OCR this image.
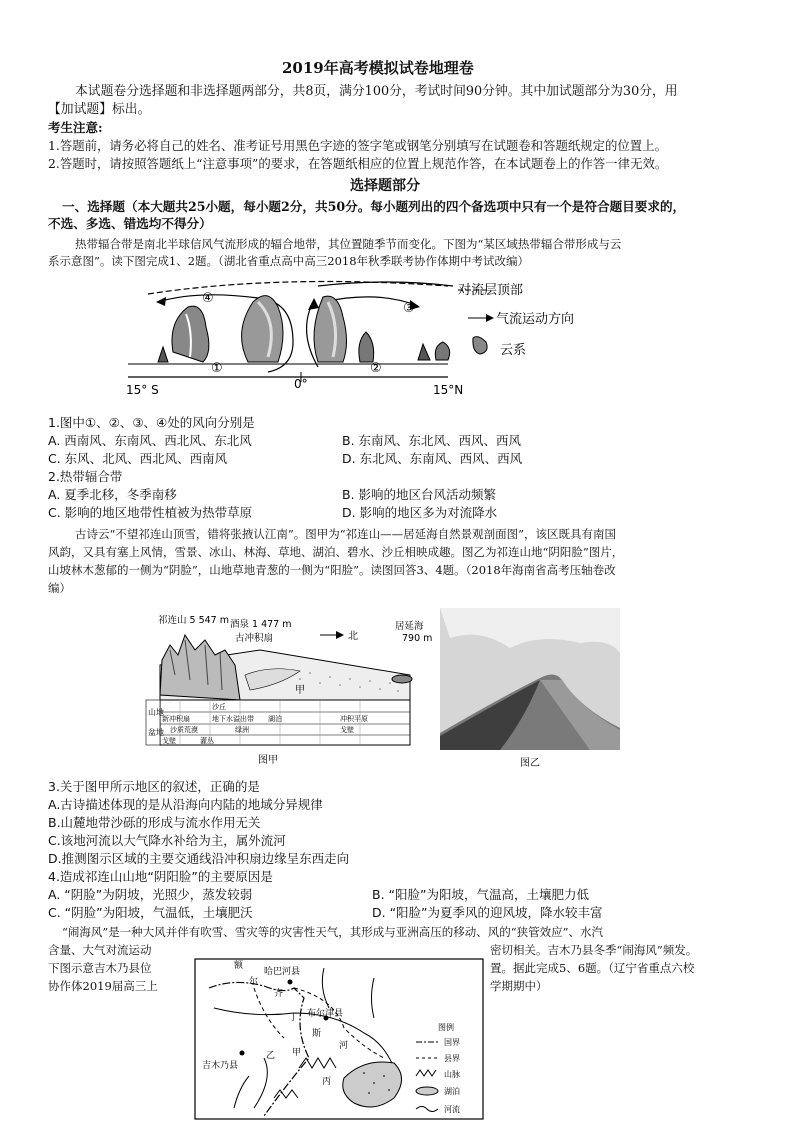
2019年高考模拟试卷地理卷
本试题卷分选择题和非选择题两部分，共8页，满分100分，考试时间90分钟。其中加试题部分为30分，用
【加试题】标出。
考生注意:
1.答题前，请务必将自己的姓名、准考证号用黑色字迹的签字笔或钢笔分别填写在试题卷和答题纸规定的位置上。
2.答题时，请按照答题纸上“注意事项”的要求，在答题纸相应的位置上规范作答，在本试题卷上的作答一律无效。
选择题部分
一、选择题（本大题共25小题，每小题2分，共50分。每小题列出的四个备选项中只有一个是符合题目要求的，
不选、多选、错选均不得分）
热带辐合带是南北半球信风气流形成的辐合地带，其位置随季节而变化。下图为“某区域热带辐合带形成与云
系示意图”。读下图完成1、2题。（湖北省重点高中高三2018年秋季联考协作体期中考试改编）
④
③
①	②
15° S	0°	15°N
对流层顶部
气流运动方向
云系
1.图中①、②、③、④处的风向分别是
A. 西南风、东南风、西北风、东北风	B. 东南风、东北风、西风、西风
C. 东风、北风、西北风、西南风	D. 东北风、东南风、西风、西风
2.热带辐合带
A. 夏季北移，冬季南移	B. 影响的地区台风活动频繁
C. 影响的地区地带性植被为热带草原	D. 影响的地区多为对流降水
古诗云“不望祁连山顶雪，错将张掖认江南”。图甲为“祁连山——居延海自然景观剖面图”，该区既具有南国
风韵，又具有塞上风情，雪景、冰山、林海、草地、湖泊、碧水、沙丘相映成趣。图乙为祁连山地“阴阳脸”图片，
山坡林木葱郁的一侧为“阴脸”，山地草地青葱的一侧为“阳脸”。读图回答3、4题。（2018年海南省高考压轴卷改
编）
山地
盆地
沙丘
新冲积扇	地下水溢出带 湖泊	冲积平原
沙质荒漠	绿洲	戈壁
戈壁	灌丛
祁连山 5 547 m 酒泉 1 477 m
古冲积扇	北
居延海
790 m
甲
图甲	图乙
3.关于图甲所示地区的叙述，正确的是
A.古诗描述体现的是从沿海向内陆的地域分异规律
B.山麓地带沙砾的形成与流水作用无关
C.该地河流以大气降水补给为主，属外流河
D.推测图示区域的主要交通线沿冲积扇边缘呈东西走向
4.造成祁连山山地“阴阳脸”的主要原因是
A. “阴脸”为阴坡，光照少，蒸发较弱	B. “阳脸”为阳坡，气温高，土壤肥力低
C. “阴脸”为阳坡，气温低，土壤肥沃	D. “阳脸”为夏季风的迎风坡，降水较丰富
“闹海风”是一种大风并伴有吹雪、雪灾等的灾害性天气，其形成与亚洲高压的移动、风的“狭管效应”、水汽
含量、大气对流运动	密切相关。吉木乃县冬季“闹海风”频发。
下图示意吉木乃县位	置。据此完成5、6题。（辽宁省重点六校
协作体2019届高三上	学期期中）
哈巴河县
布尔津县
吉木乃县
额
尔
齐
斯
河
丁
乙 甲
丙
图例
国界
县界
山脉
湖泊
河流
